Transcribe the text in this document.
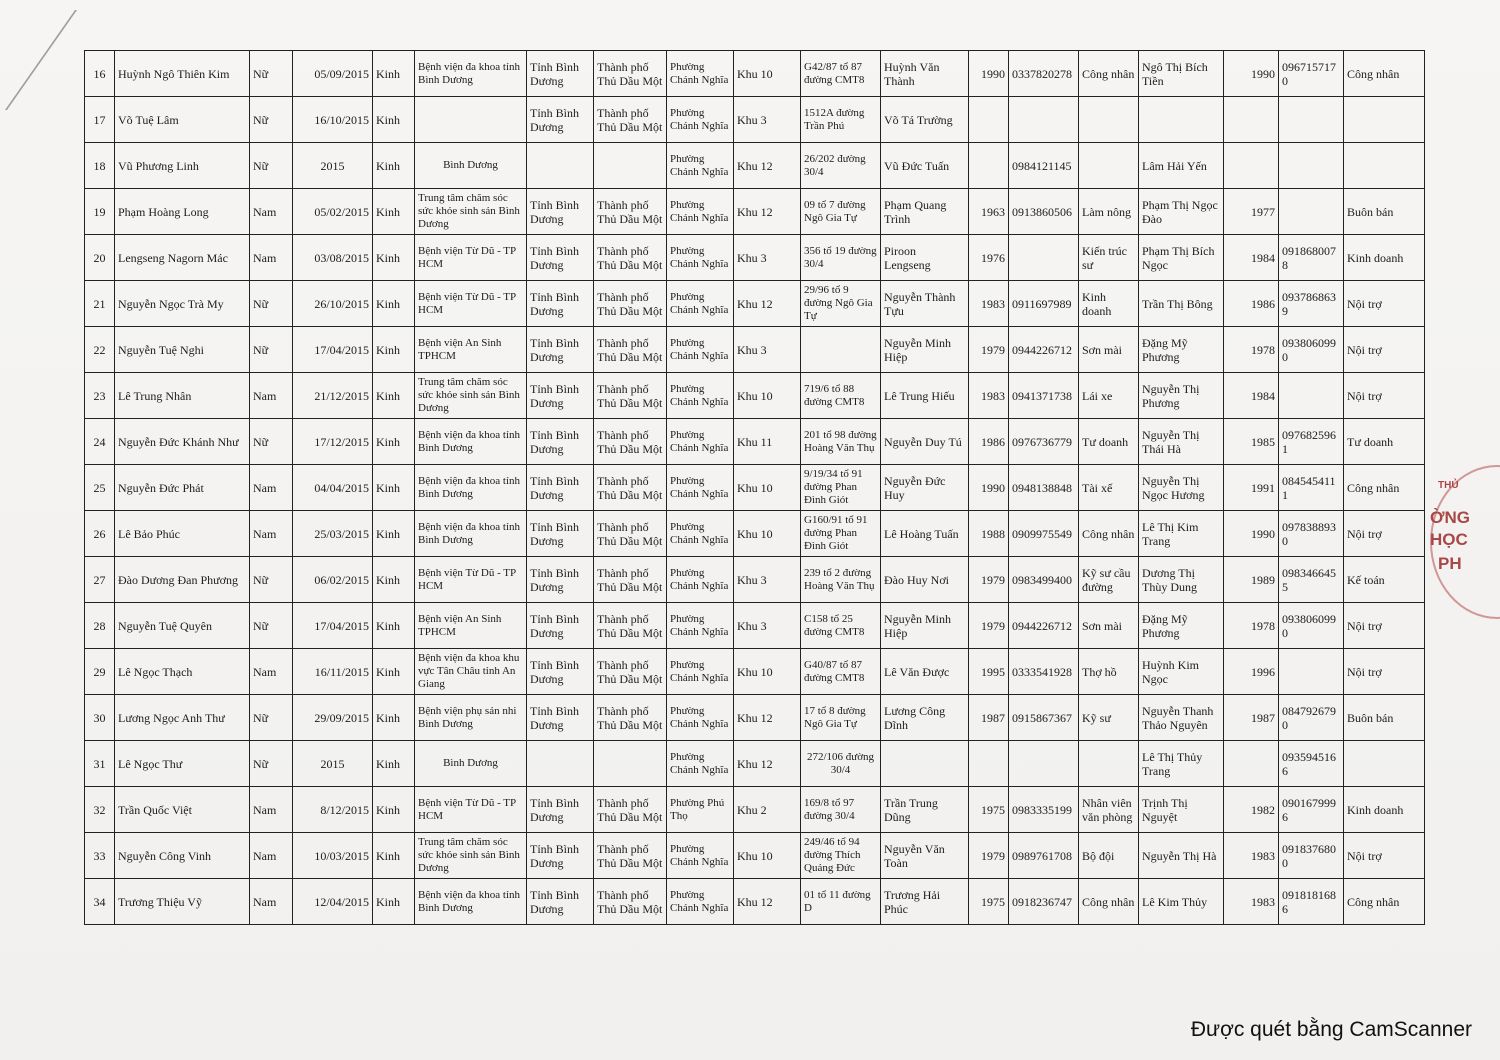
16	Huỳnh Ngô Thiên Kim	Nữ	05/09/2015	Kinh	Bệnh viện đa khoa tỉnh Bình Dương	Tỉnh Bình Dương	Thành phố Thủ Dầu Một	Phường Chánh Nghĩa	Khu 10	G42/87 tổ 87 đường CMT8	Huỳnh Văn Thành	1990	0337820278	Công nhân	Ngô Thị Bích Tiền	1990	0967157170	Công nhân
17	Võ Tuệ Lâm	Nữ	16/10/2015	Kinh		Tỉnh Bình Dương	Thành phố Thủ Dầu Một	Phường Chánh Nghĩa	Khu 3	1512A đường Trần Phú	Võ Tá Trường							
18	Vũ Phương Linh	Nữ	2015	Kinh	Bình Dương			Phường Chánh Nghĩa	Khu 12	26/202 đường 30/4	Vũ Đức Tuấn		0984121145		Lâm Hải Yến			
19	Phạm Hoàng Long	Nam	05/02/2015	Kinh	Trung tâm chăm sóc sức khỏe sinh sản Bình Dương	Tỉnh Bình Dương	Thành phố Thủ Dầu Một	Phường Chánh Nghĩa	Khu 12	09 tổ 7 đường Ngô Gia Tự	Phạm Quang Trình	1963	0913860506	Làm nông	Phạm Thị Ngọc Đào	1977		Buôn bán
20	Lengseng Nagorn Mác	Nam	03/08/2015	Kinh	Bệnh viện Từ Dũ - TP HCM	Tỉnh Bình Dương	Thành phố Thủ Dầu Một	Phường Chánh Nghĩa	Khu 3	356 tổ 19 đường 30/4	Piroon Lengseng	1976		Kiến trúc sư	Phạm Thị Bích Ngọc	1984	0918680078	Kinh doanh
21	Nguyễn Ngọc Trà My	Nữ	26/10/2015	Kinh	Bệnh viện Từ Dũ - TP HCM	Tỉnh Bình Dương	Thành phố Thủ Dầu Một	Phường Chánh Nghĩa	Khu 12	29/96 tổ 9 đường Ngô Gia Tự	Nguyễn Thành Tựu	1983	0911697989	Kinh doanh	Trần Thị Bông	1986	0937868639	Nội trợ
22	Nguyễn Tuệ Nghi	Nữ	17/04/2015	Kinh	Bệnh viện An Sinh TPHCM	Tỉnh Bình Dương	Thành phố Thủ Dầu Một	Phường Chánh Nghĩa	Khu 3		Nguyễn Minh Hiệp	1979	0944226712	Sơn mài	Đặng Mỹ Phương	1978	0938060990	Nội trợ
23	Lê Trung Nhân	Nam	21/12/2015	Kinh	Trung tâm chăm sóc sức khỏe sinh sản Bình Dương	Tỉnh Bình Dương	Thành phố Thủ Dầu Một	Phường Chánh Nghĩa	Khu 10	719/6 tổ 88 đường CMT8	Lê Trung Hiếu	1983	0941371738	Lái xe	Nguyễn Thị Phương	1984		Nội trợ
24	Nguyễn Đức Khánh Như	Nữ	17/12/2015	Kinh	Bệnh viện đa khoa tỉnh Bình Dương	Tỉnh Bình Dương	Thành phố Thủ Dầu Một	Phường Chánh Nghĩa	Khu 11	201 tổ 98 đường Hoàng Văn Thụ	Nguyễn Duy Tú	1986	0976736779	Tư doanh	Nguyễn Thị Thái Hà	1985	0976825961	Tư doanh
25	Nguyễn Đức Phát	Nam	04/04/2015	Kinh	Bệnh viện đa khoa tỉnh Bình Dương	Tỉnh Bình Dương	Thành phố Thủ Dầu Một	Phường Chánh Nghĩa	Khu 10	9/19/34 tổ 91 đường Phan Đình Giót	Nguyễn Đức Huy	1990	0948138848	Tài xế	Nguyễn Thị Ngọc Hương	1991	0845454111	Công nhân
26	Lê Bảo Phúc	Nam	25/03/2015	Kinh	Bệnh viện đa khoa tỉnh Bình Dương	Tỉnh Bình Dương	Thành phố Thủ Dầu Một	Phường Chánh Nghĩa	Khu 10	G160/91 tổ 91 đường Phan Đình Giót	Lê Hoàng Tuấn	1988	0909975549	Công nhân	Lê Thị Kim Trang	1990	0978388930	Nội trợ
27	Đào Dương Đan Phương	Nữ	06/02/2015	Kinh	Bệnh viện Từ Dũ - TP HCM	Tỉnh Bình Dương	Thành phố Thủ Dầu Một	Phường Chánh Nghĩa	Khu 3	239 tổ 2 đường Hoàng Văn Thụ	Đào Huy Nơi	1979	0983499400	Kỹ sư cầu đường	Dương Thị Thùy Dung	1989	0983466455	Kế toán
28	Nguyễn Tuệ Quyên	Nữ	17/04/2015	Kinh	Bệnh viện An Sinh TPHCM	Tỉnh Bình Dương	Thành phố Thủ Dầu Một	Phường Chánh Nghĩa	Khu 3	C158 tổ 25 đường CMT8	Nguyễn Minh Hiệp	1979	0944226712	Sơn mài	Đặng Mỹ Phương	1978	0938060990	Nội trợ
29	Lê Ngọc Thạch	Nam	16/11/2015	Kinh	Bệnh viện đa khoa khu vực Tân Châu tỉnh An Giang	Tỉnh Bình Dương	Thành phố Thủ Dầu Một	Phường Chánh Nghĩa	Khu 10	G40/87 tổ 87 đường CMT8	Lê Văn Được	1995	0333541928	Thợ hồ	Huỳnh Kim Ngọc	1996		Nội trợ
30	Lương Ngọc Anh Thư	Nữ	29/09/2015	Kinh	Bệnh viện phụ sản nhi Bình Dương	Tỉnh Bình Dương	Thành phố Thủ Dầu Một	Phường Chánh Nghĩa	Khu 12	17 tổ 8 đường Ngô Gia Tự	Lương Công Dĩnh	1987	0915867367	Kỹ sư	Nguyễn Thanh Thảo Nguyên	1987	0847926790	Buôn bán
31	Lê Ngọc Thư	Nữ	2015	Kinh	Bình Dương			Phường Chánh Nghĩa	Khu 12	272/106 đường 30/4					Lê Thị Thủy Trang		0935945166	
32	Trần Quốc Việt	Nam	8/12/2015	Kinh	Bệnh viện Từ Dũ - TP HCM	Tỉnh Bình Dương	Thành phố Thủ Dầu Một	Phường Phú Thọ	Khu 2	169/8 tổ 97 đường 30/4	Trần Trung Dũng	1975	0983335199	Nhân viên văn phòng	Trịnh Thị Nguyệt	1982	0901679996	Kinh doanh
33	Nguyễn Công Vinh	Nam	10/03/2015	Kinh	Trung tâm chăm sóc sức khỏe sinh sản Bình Dương	Tỉnh Bình Dương	Thành phố Thủ Dầu Một	Phường Chánh Nghĩa	Khu 10	249/46 tổ 94 đường Thích Quảng Đức	Nguyễn Văn Toàn	1979	0989761708	Bộ đội	Nguyễn Thị Hà	1983	0918376800	Nội trợ
34	Trương Thiệu Vỹ	Nam	12/04/2015	Kinh	Bệnh viện đa khoa tỉnh Bình Dương	Tỉnh Bình Dương	Thành phố Thủ Dầu Một	Phường Chánh Nghĩa	Khu 12	01 tổ 11 đường D	Trương Hải Phúc	1975	0918236747	Công nhân	Lê Kim Thủy	1983	0918181686	Công nhân
THỦ
ỜNG
HỌC
PH
Được quét bằng CamScanner
